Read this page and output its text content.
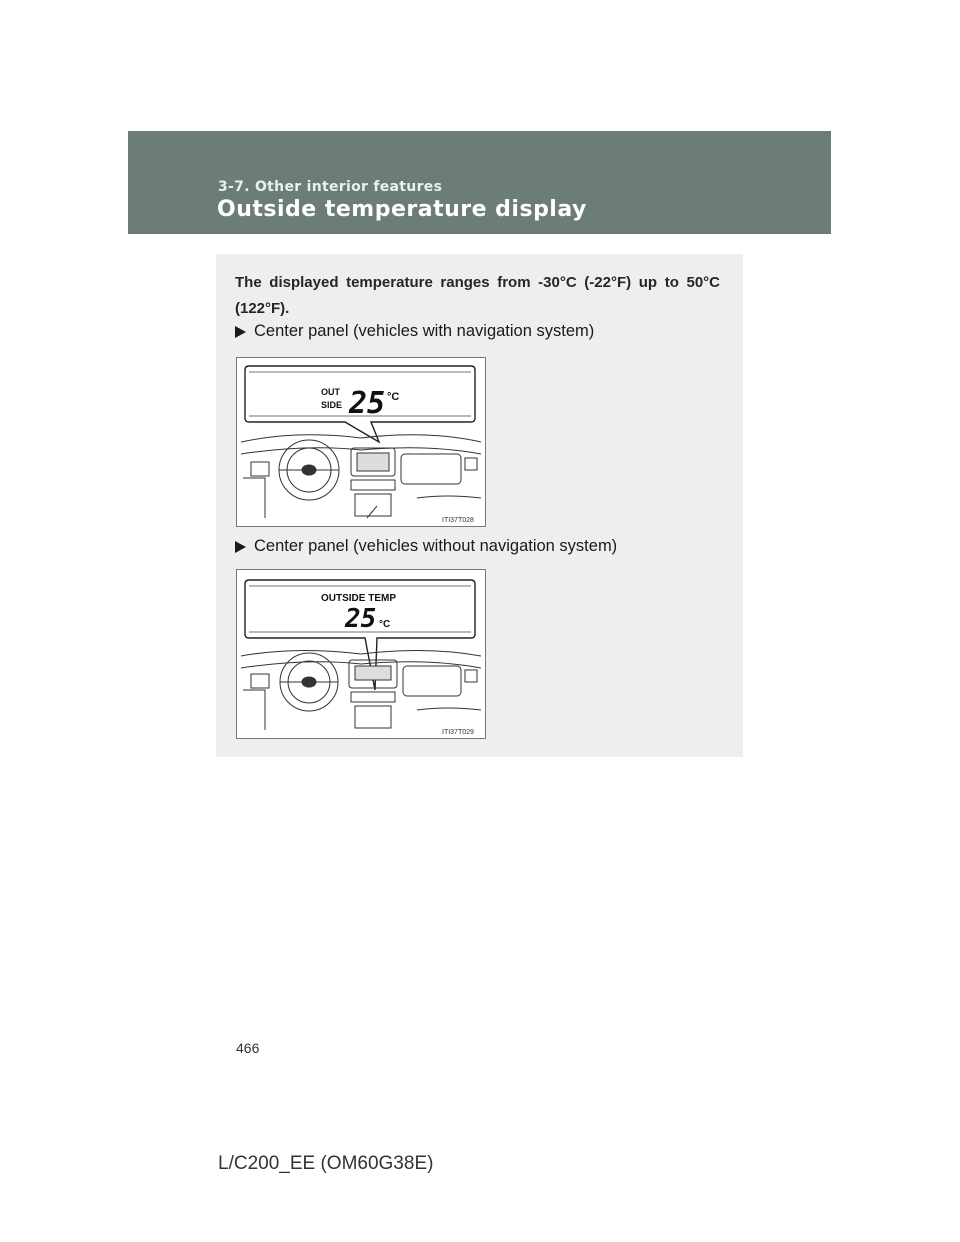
3-7. Other interior features

Outside temperature display

The displayed temperature ranges from -30°C (-22°F) up to 50°C (122°F).

Center panel (vehicles with navigation system)

OUT
SIDE 25 °C
ITI37T028

Center panel (vehicles without navigation system)

OUTSIDE TEMP
25 °C
ITI37T029

466

L/C200_EE (OM60G38E)
